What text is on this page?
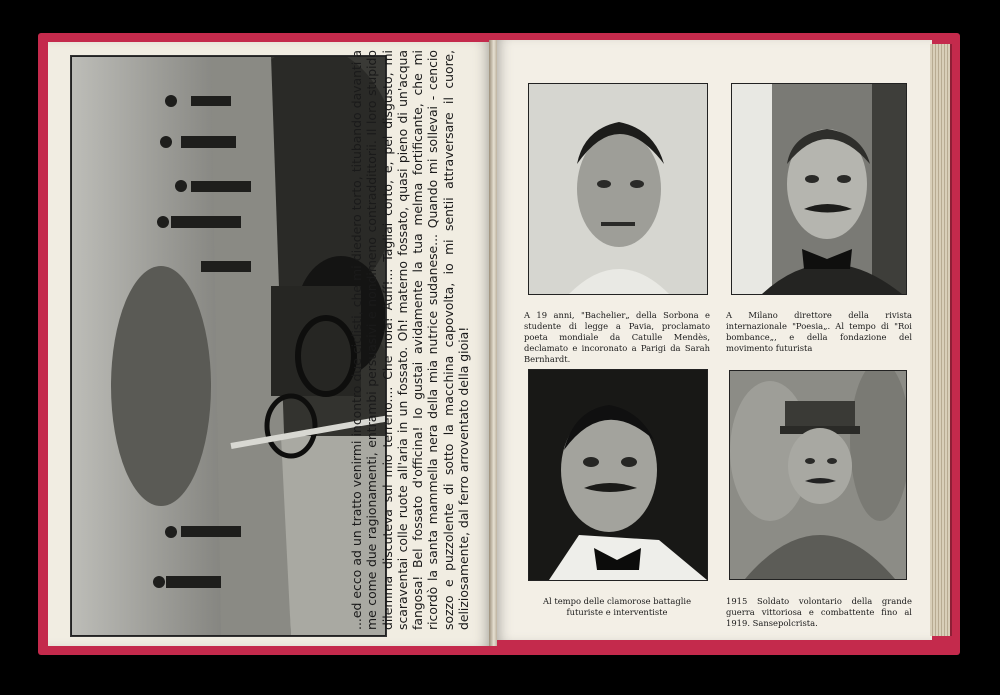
...ed ecco ad un tratto venirmi incontro due ciclisti, che mi diedero torto, titubando davanti a me come due ragionamenti, entrambi persuasivi e nondimeno contraddittorii. Il loro stupido dilemma discuteva sul mio terreno.... Che noia! Auff!... Tagliai corto, e, pel disgusto, mi scaraventai colle ruote all'aria in un fossato. Oh! materno fossato, quasi pieno di un'acqua fangosa! Bel fossato d'officina! Io gustai avidamente la tua melma fortificante, che mi ricordò la santa mammella nera della mia nutrice sudanese... Quando mi sollevai - cencio sozzo e puzzolente di sotto la macchina capovolta, io mi sentii attraversare il cuore, deliziosamente, dal ferro arroventato della gioia!
A 19 anni, "Bachelier„ della Sorbona e studente di legge a Pavia, proclamato poeta mondiale da Catulle Mendès, declamato e incoronato a Parigi da Sarah Bernhardt.
A Milano direttore della rivista internazionale "Poesia„. Al tempo di "Roi bombance„, e della fondazione del movimento futurista
Al tempo delle clamorose battaglie futuriste e interventiste
1915 Soldato volontario della grande guerra vittoriosa e combattente fino al 1919. Sansepolcrista.
